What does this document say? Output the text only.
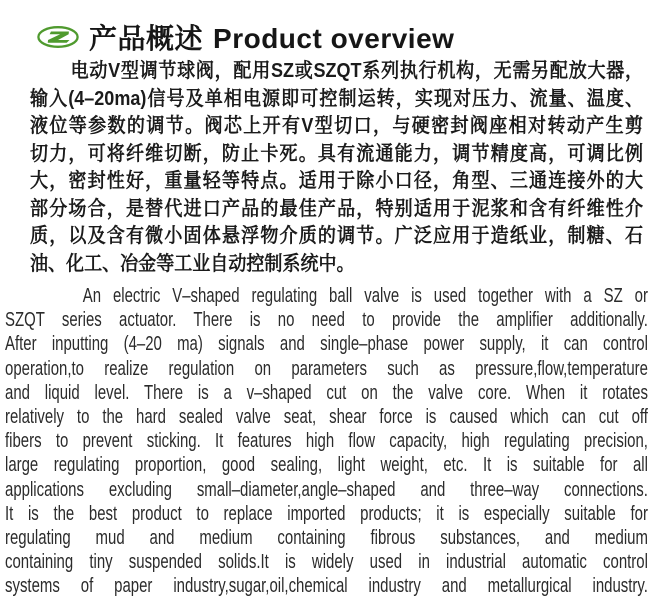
产品概述 Product overview
电动V型调节球阀，配用SZ或SZQT系列执行机构，无需另配放大器，
输入(4–20ma)信号及单相电源即可控制运转，实现对压力、流量、温度、
液位等参数的调节。阀芯上开有V型切口，与硬密封阀座相对转动产生剪
切力，可将纤维切断，防止卡死。具有流通能力，调节精度高，可调比例
大，密封性好，重量轻等特点。适用于除小口径，角型、三通连接外的大
部分场合，是替代进口产品的最佳产品，特别适用于泥浆和含有纤维性介
质，以及含有微小固体悬浮物介质的调节。广泛应用于造纸业，制糖、石
油、化工、冶金等工业自动控制系统中。
An electric V–shaped regulating ball valve is used together with a SZ or
SZQT series actuator. There is no need to provide the amplifier additionally.
After inputting (4–20 ma) signals and single–phase power supply, it can control
operation,to realize regulation on parameters such as pressure,flow,temperature
and liquid level. There is a v–shaped cut on the valve core. When it rotates
relatively to the hard sealed valve seat, shear force is caused which can cut off
fibers to prevent sticking. It features high flow capacity, high regulating precision,
large regulating proportion, good sealing, light weight, etc. It is suitable for all
applications excluding small–diameter,angle–shaped and three–way connections.
It is the best product to replace imported products; it is especially suitable for
regulating mud and medium containing fibrous substances, and medium
containing tiny suspended solids.It is widely used in industrial automatic control
systems of paper industry,sugar,oil,chemical industry and metallurgical industry.
